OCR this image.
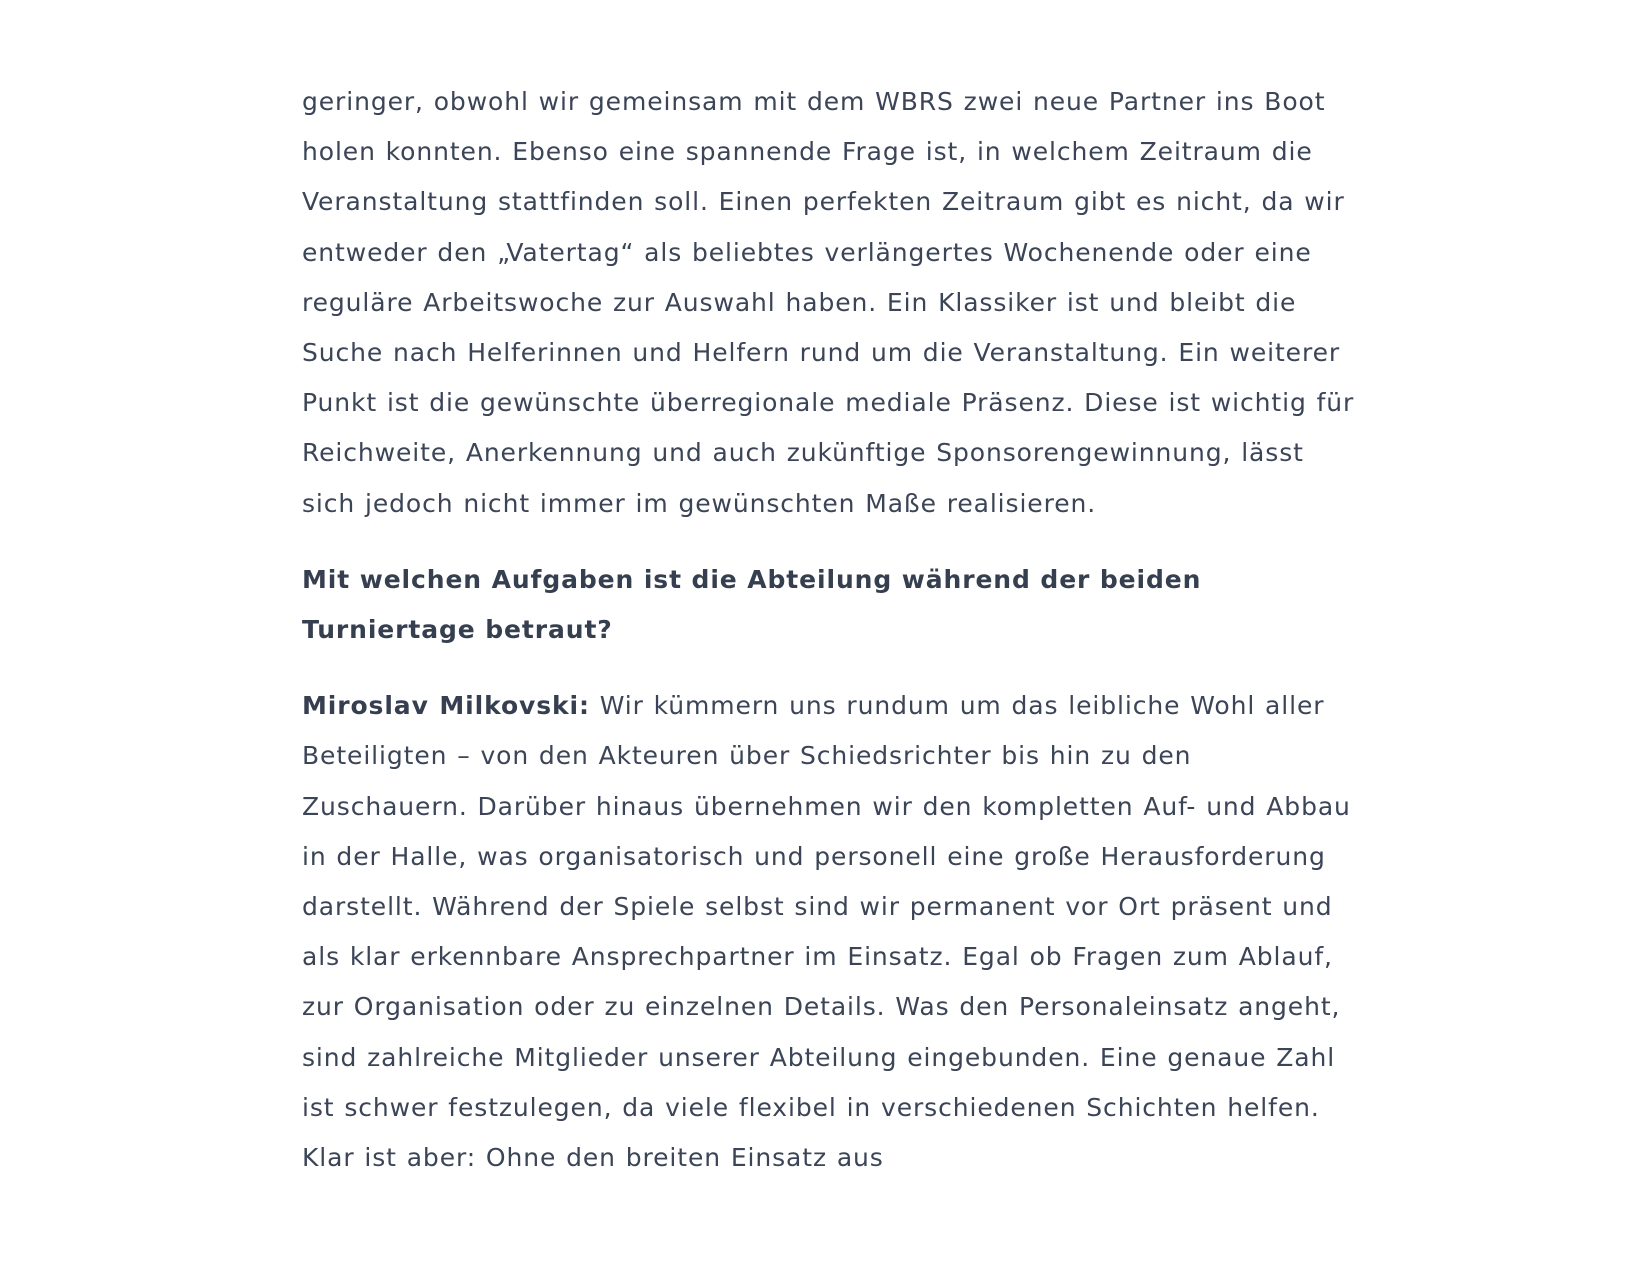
geringer, obwohl wir gemeinsam mit dem WBRS zwei neue Partner ins Boot holen konnten. Ebenso eine spannende Frage ist, in welchem Zeitraum die Veranstaltung stattfinden soll. Einen perfekten Zeitraum gibt es nicht, da wir entweder den „Vatertag“ als beliebtes verlängertes Wochenende oder eine reguläre Arbeitswoche zur Auswahl haben. Ein Klassiker ist und bleibt die Suche nach Helferinnen und Helfern rund um die Veranstaltung. Ein weiterer Punkt ist die gewünschte überregionale mediale Präsenz. Diese ist wichtig für Reichweite, Anerkennung und auch zukünftige Sponsorengewinnung, lässt sich jedoch nicht immer im gewünschten Maße realisieren.

Mit welchen Aufgaben ist die Abteilung während der beiden Turniertage betraut?

Miroslav Milkovski: Wir kümmern uns rundum um das leibliche Wohl aller Beteiligten – von den Akteuren über Schiedsrichter bis hin zu den Zuschauern. Darüber hinaus übernehmen wir den kompletten Auf- und Abbau in der Halle, was organisatorisch und personell eine große Herausforderung darstellt. Während der Spiele selbst sind wir permanent vor Ort präsent und als klar erkennbare Ansprechpartner im Einsatz. Egal ob Fragen zum Ablauf, zur Organisation oder zu einzelnen Details. Was den Personaleinsatz angeht, sind zahlreiche Mitglieder unserer Abteilung eingebunden. Eine genaue Zahl ist schwer festzulegen, da viele flexibel in verschiedenen Schichten helfen. Klar ist aber: Ohne den breiten Einsatz aus
